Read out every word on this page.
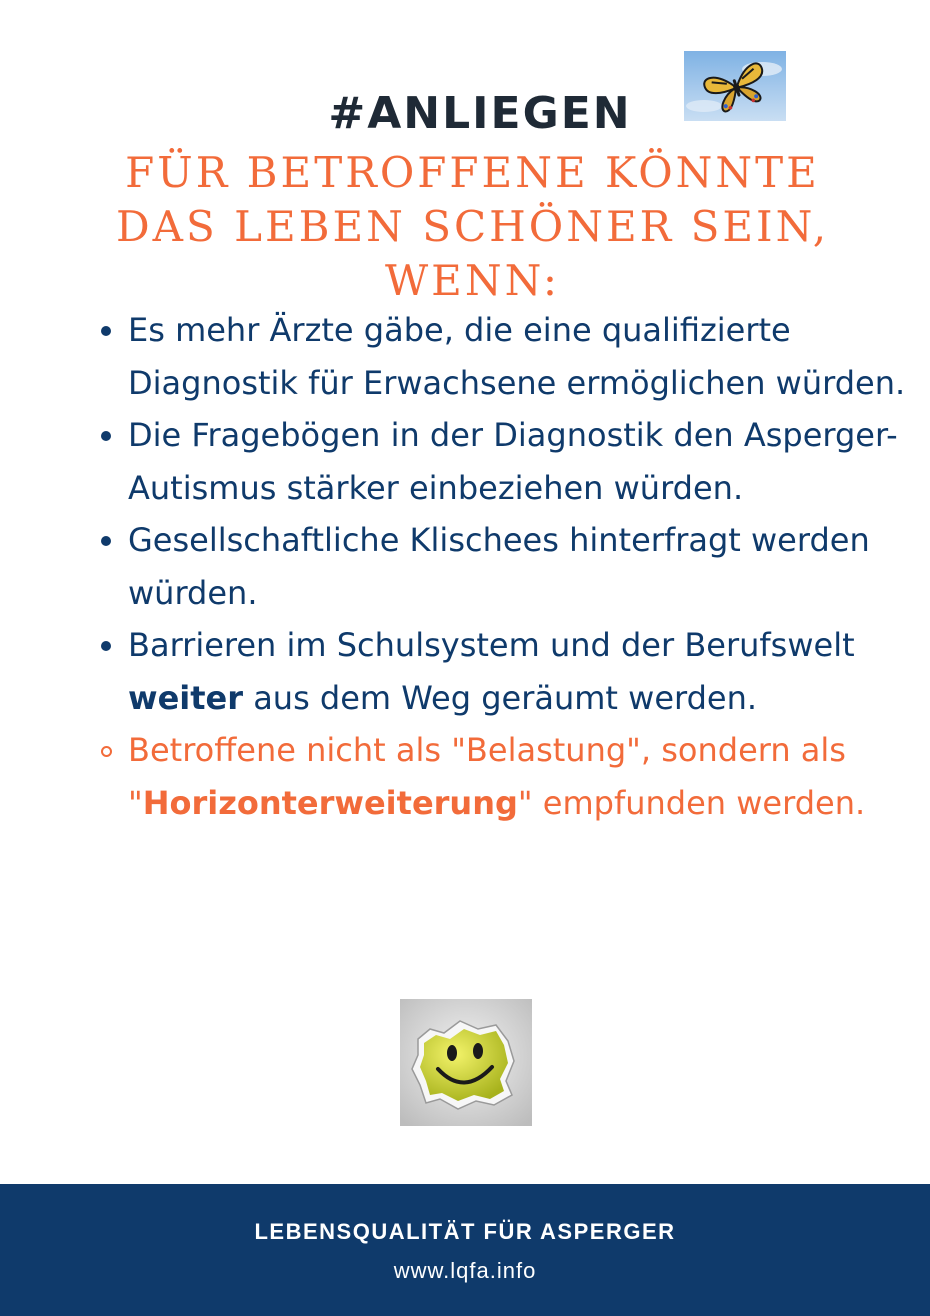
#ANLIEGEN
FÜR BETROFFENE KÖNNTE
DAS LEBEN SCHÖNER SEIN,
WENN:
Es mehr Ärzte gäbe, die eine qualifizierte Diagnostik für Erwachsene ermöglichen würden.
Die Fragebögen in der Diagnostik den Asperger-Autismus stärker einbeziehen würden.
Gesellschaftliche Klischees hinterfragt werden würden.
Barrieren im Schulsystem und der Berufswelt weiter aus dem Weg geräumt werden.
Betroffene nicht als "Belastung", sondern als "Horizonterweiterung" empfunden werden.
LEBENSQUALITÄT FÜR ASPERGER
www.lqfa.info
